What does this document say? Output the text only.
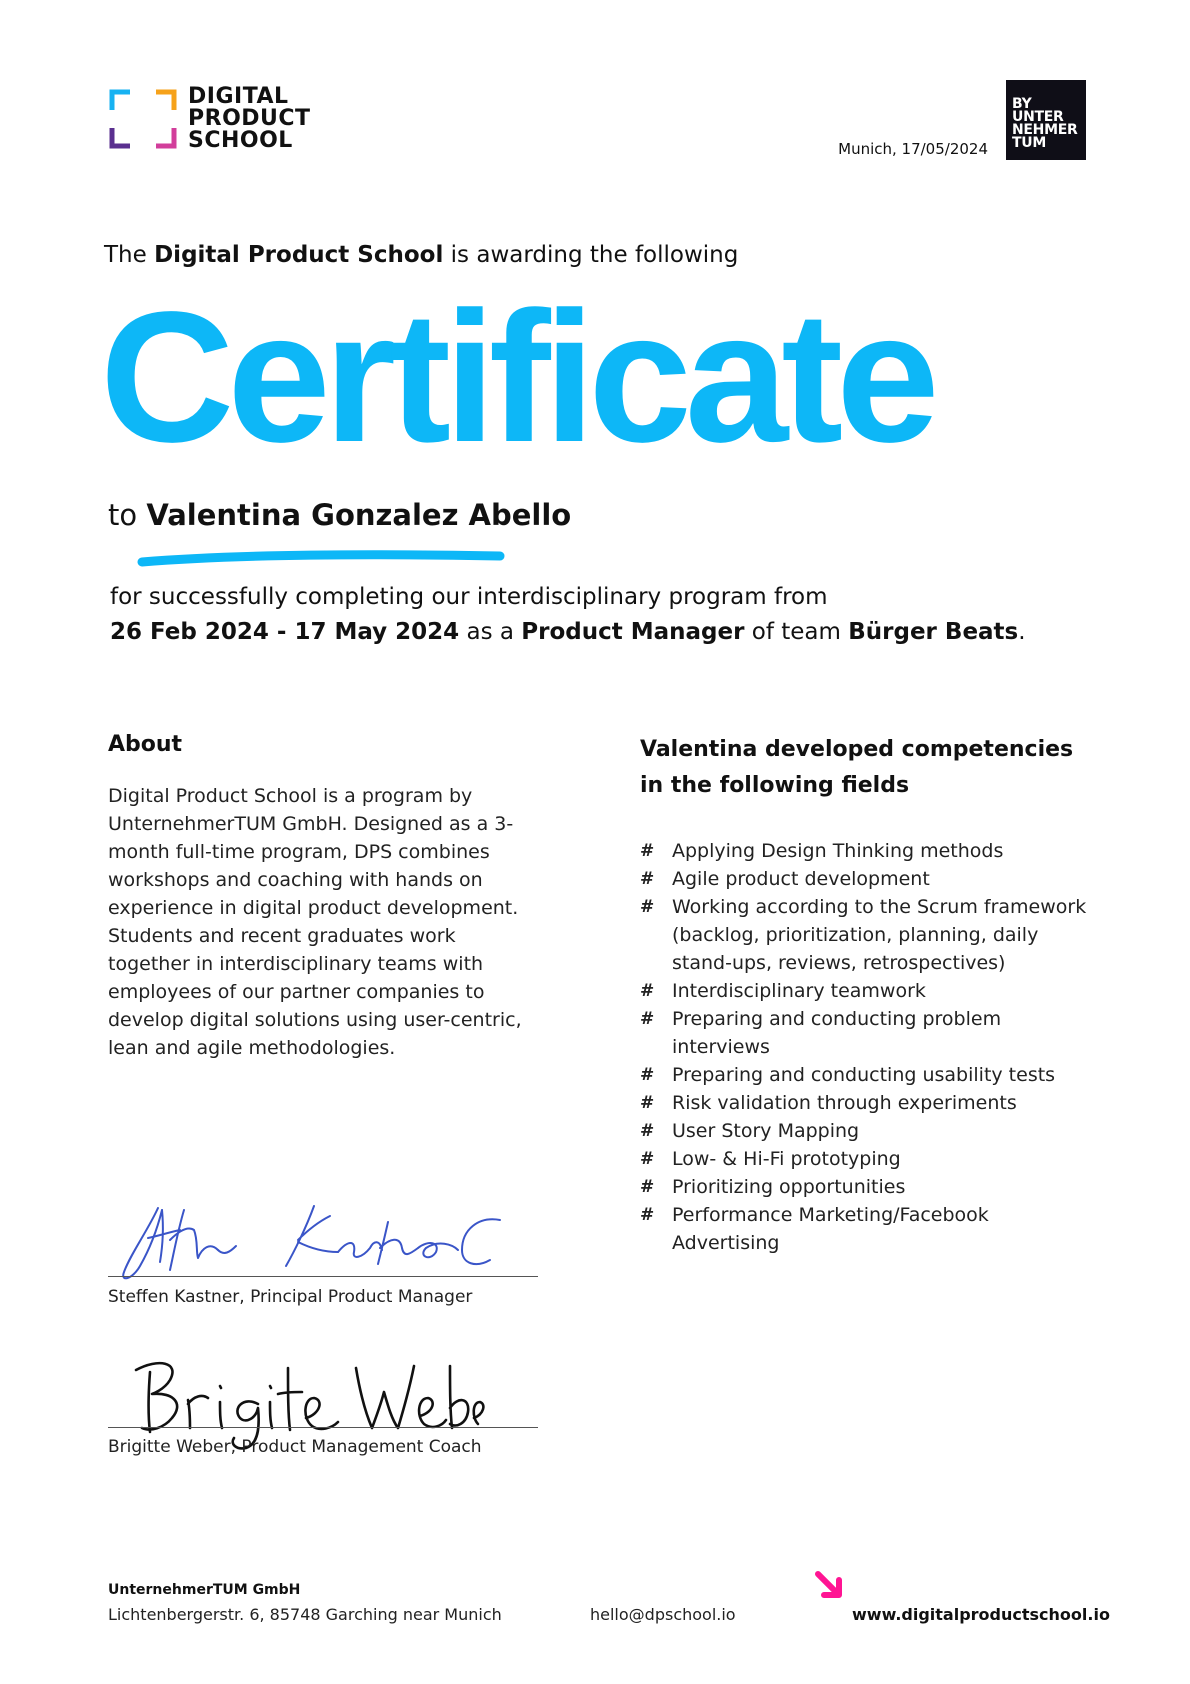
DIGITAL
PRODUCT
SCHOOL	Munich, 17/05/2024
BY
UNTER
NEHMER
TUM
The Digital Product School is awarding the following
Certificate
to Valentina Gonzalez Abello
for successfully completing our interdisciplinary program from
26 Feb 2024 - 17 May 2024 as a Product Manager of team Bürger Beats.
About
Digital Product School is a program by UnternehmerTUM GmbH. Designed as a 3-month full-time program, DPS combines workshops and coaching with hands on experience in digital product development. Students and recent graduates work together in interdisciplinary teams with employees of our partner companies to develop digital solutions using user-centric, lean and agile methodologies.
Valentina developed competencies in the following fields
# Applying Design Thinking methods
# Agile product development
# Working according to the Scrum framework (backlog, prioritization, planning, daily stand-ups, reviews, retrospectives)
# Interdisciplinary teamwork
# Preparing and conducting problem interviews
# Preparing and conducting usability tests
# Risk validation through experiments
# User Story Mapping
# Low- & Hi-Fi prototyping
# Prioritizing opportunities
# Performance Marketing/Facebook Advertising
Steffen Kastner, Principal Product Manager
Brigitte Weber, Product Management Coach
UnternehmerTUM GmbH
Lichtenbergerstr. 6, 85748 Garching near Munich	hello@dpschool.io	www.digitalproductschool.io
